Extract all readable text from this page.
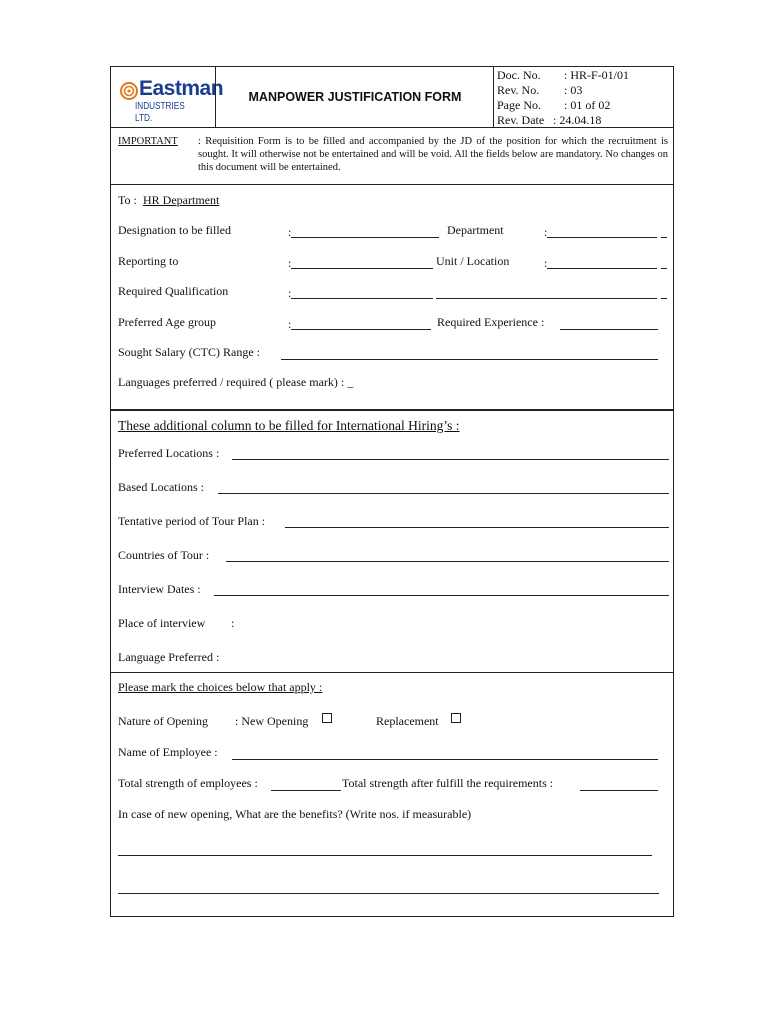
Eastman
INDUSTRIES LTD.
MANPOWER JUSTIFICATION FORM
Doc. No. : HR-F-01/01
Rev. No. : 03
Page No. : 01 of 02
Rev. Date : 24.04.18
IMPORTANT	: Requisition Form is to be filled and accompanied by the JD of the position for which the recruitment is sought. It will otherwise not be entertained and will be void. All the fields below are mandatory. No changes on this document will be entertained.
To : HR Department
Designation to be filled	:	Department	:
Reporting to	:	Unit / Location	:
Required Qualification	:
Preferred Age group	:	Required Experience :
Sought Salary (CTC) Range :
Languages preferred / required ( please mark) : _
These additional column to be filled for International Hiring’s :
Preferred Locations :
Based Locations :
Tentative period of Tour Plan :
Countries of Tour :
Interview Dates :
Place of interview :
Language Preferred :
Please mark the choices below that apply :
Nature of Opening : New Opening	Replacement
Name of Employee :
Total strength of employees :	Total strength after fulfill the requirements :
In case of new opening, What are the benefits? (Write nos. if measurable)
